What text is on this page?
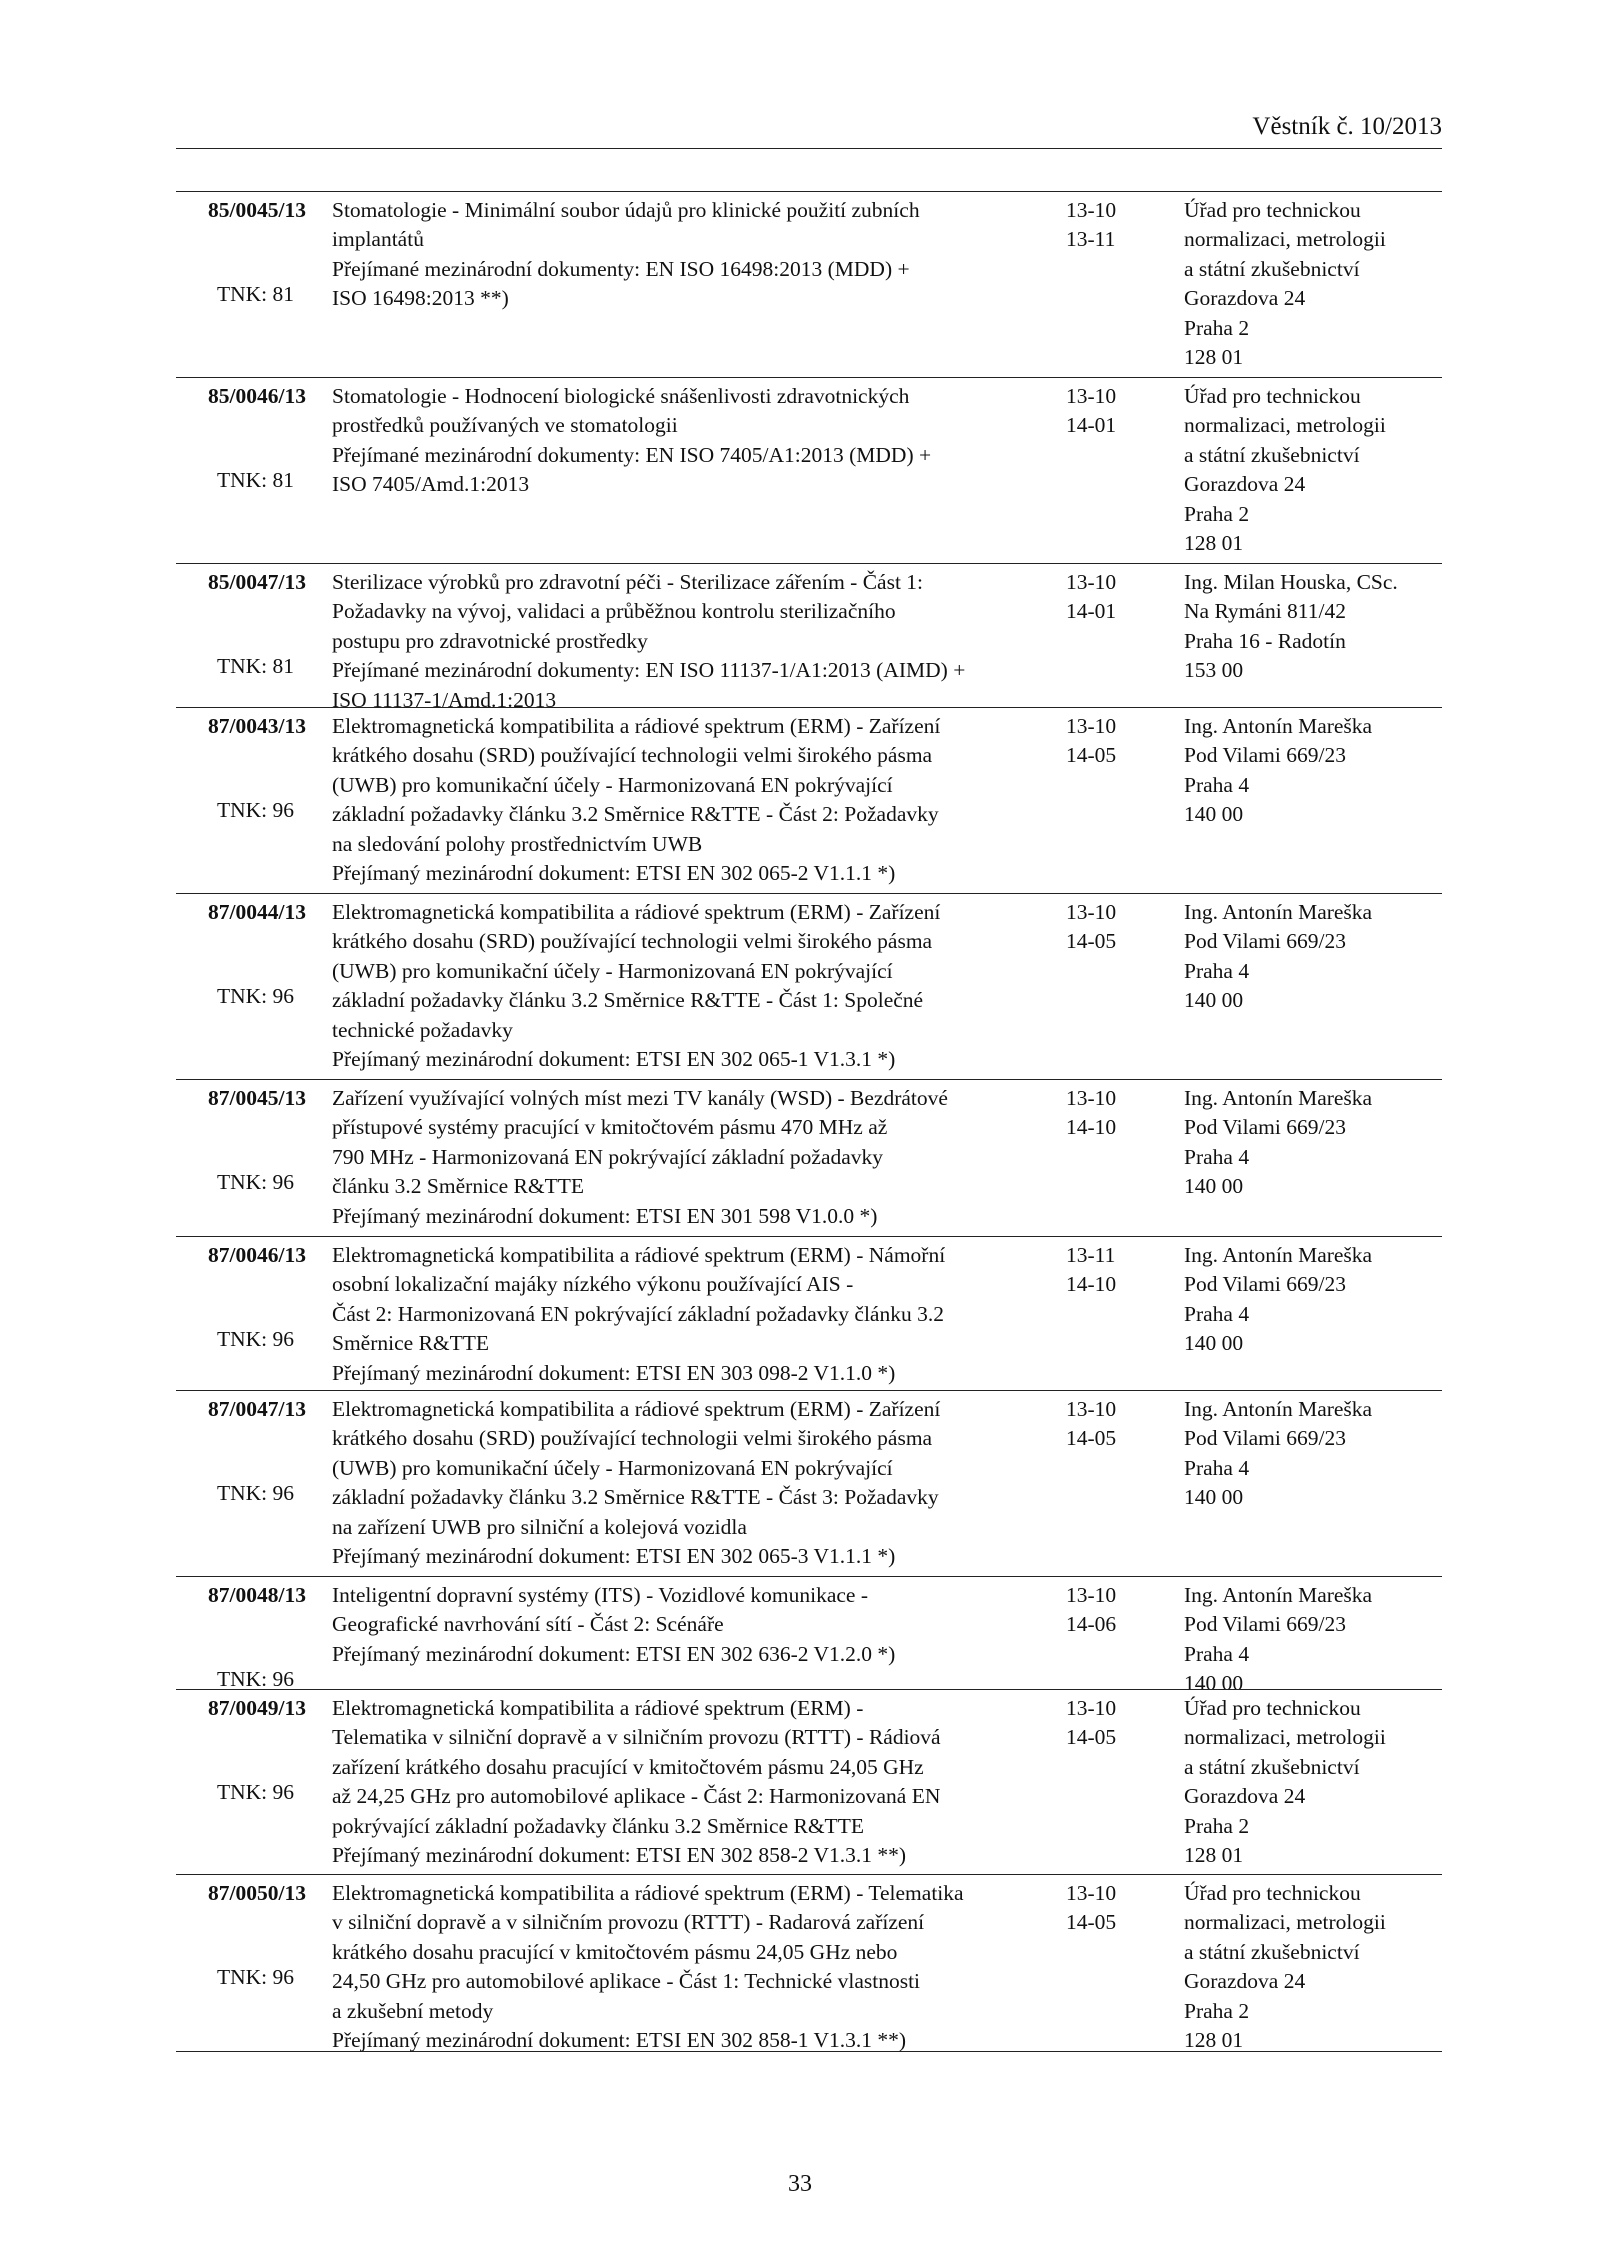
Věstník č. 10/2013
85/0045/13
TNK: 81
Stomatologie - Minimální soubor údajů pro klinické použití zubních
implantátů
Přejímané mezinárodní dokumenty: EN ISO 16498:2013 (MDD) +
ISO 16498:2013 **)
13-10
13-11
Úřad pro technickou
normalizaci, metrologii
a státní zkušebnictví
Gorazdova 24
Praha 2
128 01
85/0046/13
TNK: 81
Stomatologie - Hodnocení biologické snášenlivosti zdravotnických
prostředků používaných ve stomatologii
Přejímané mezinárodní dokumenty: EN ISO 7405/A1:2013 (MDD) +
ISO 7405/Amd.1:2013
13-10
14-01
Úřad pro technickou
normalizaci, metrologii
a státní zkušebnictví
Gorazdova 24
Praha 2
128 01
85/0047/13
TNK: 81
Sterilizace výrobků pro zdravotní péči - Sterilizace zářením - Část 1:
Požadavky na vývoj, validaci a průběžnou kontrolu sterilizačního
postupu pro zdravotnické prostředky
Přejímané mezinárodní dokumenty: EN ISO 11137-1/A1:2013 (AIMD) +
ISO 11137-1/Amd.1:2013
13-10
14-01
Ing. Milan Houska, CSc.
Na Rymáni 811/42
Praha 16 - Radotín
153 00
87/0043/13
TNK: 96
Elektromagnetická kompatibilita a rádiové spektrum (ERM) - Zařízení
krátkého dosahu (SRD) používající technologii velmi širokého pásma
(UWB) pro komunikační účely - Harmonizovaná EN pokrývající
základní požadavky článku 3.2 Směrnice R&TTE - Část 2: Požadavky
na sledování polohy prostřednictvím UWB
Přejímaný mezinárodní dokument: ETSI EN 302 065-2 V1.1.1 *)
13-10
14-05
Ing. Antonín Mareška
Pod Vilami 669/23
Praha 4
140 00
87/0044/13
TNK: 96
Elektromagnetická kompatibilita a rádiové spektrum (ERM) - Zařízení
krátkého dosahu (SRD) používající technologii velmi širokého pásma
(UWB) pro komunikační účely - Harmonizovaná EN pokrývající
základní požadavky článku 3.2 Směrnice R&TTE - Část 1: Společné
technické požadavky
Přejímaný mezinárodní dokument: ETSI EN 302 065-1 V1.3.1 *)
13-10
14-05
Ing. Antonín Mareška
Pod Vilami 669/23
Praha 4
140 00
87/0045/13
TNK: 96
Zařízení využívající volných míst mezi TV kanály (WSD) - Bezdrátové
přístupové systémy pracující v kmitočtovém pásmu 470 MHz až
790 MHz - Harmonizovaná EN pokrývající základní požadavky
článku 3.2 Směrnice R&TTE
Přejímaný mezinárodní dokument: ETSI EN 301 598 V1.0.0 *)
13-10
14-10
Ing. Antonín Mareška
Pod Vilami 669/23
Praha 4
140 00
87/0046/13
TNK: 96
Elektromagnetická kompatibilita a rádiové spektrum (ERM) - Námořní
osobní lokalizační majáky nízkého výkonu používající AIS -
Část 2: Harmonizovaná EN pokrývající základní požadavky článku 3.2
Směrnice R&TTE
Přejímaný mezinárodní dokument: ETSI EN 303 098-2 V1.1.0 *)
13-11
14-10
Ing. Antonín Mareška
Pod Vilami 669/23
Praha 4
140 00
87/0047/13
TNK: 96
Elektromagnetická kompatibilita a rádiové spektrum (ERM) - Zařízení
krátkého dosahu (SRD) používající technologii velmi širokého pásma
(UWB) pro komunikační účely - Harmonizovaná EN pokrývající
základní požadavky článku 3.2 Směrnice R&TTE - Část 3: Požadavky
na zařízení UWB pro silniční a kolejová vozidla
Přejímaný mezinárodní dokument: ETSI EN 302 065-3 V1.1.1 *)
13-10
14-05
Ing. Antonín Mareška
Pod Vilami 669/23
Praha 4
140 00
87/0048/13
TNK: 96
Inteligentní dopravní systémy (ITS) - Vozidlové komunikace -
Geografické navrhování sítí - Část 2: Scénáře
Přejímaný mezinárodní dokument: ETSI EN 302 636-2 V1.2.0 *)
13-10
14-06
Ing. Antonín Mareška
Pod Vilami 669/23
Praha 4
140 00
87/0049/13
TNK: 96
Elektromagnetická kompatibilita a rádiové spektrum (ERM) -
Telematika v silniční dopravě a v silničním provozu (RTTT) - Rádiová
zařízení krátkého dosahu pracující v kmitočtovém pásmu 24,05 GHz
až 24,25 GHz pro automobilové aplikace - Část 2: Harmonizovaná EN
pokrývající základní požadavky článku 3.2 Směrnice R&TTE
Přejímaný mezinárodní dokument: ETSI EN 302 858-2 V1.3.1 **)
13-10
14-05
Úřad pro technickou
normalizaci, metrologii
a státní zkušebnictví
Gorazdova 24
Praha 2
128 01
87/0050/13
TNK: 96
Elektromagnetická kompatibilita a rádiové spektrum (ERM) - Telematika
v silniční dopravě a v silničním provozu (RTTT) - Radarová zařízení
krátkého dosahu pracující v kmitočtovém pásmu 24,05 GHz nebo
24,50 GHz pro automobilové aplikace - Část 1: Technické vlastnosti
a zkušební metody
Přejímaný mezinárodní dokument: ETSI EN 302 858-1 V1.3.1 **)
13-10
14-05
Úřad pro technickou
normalizaci, metrologii
a státní zkušebnictví
Gorazdova 24
Praha 2
128 01
33
